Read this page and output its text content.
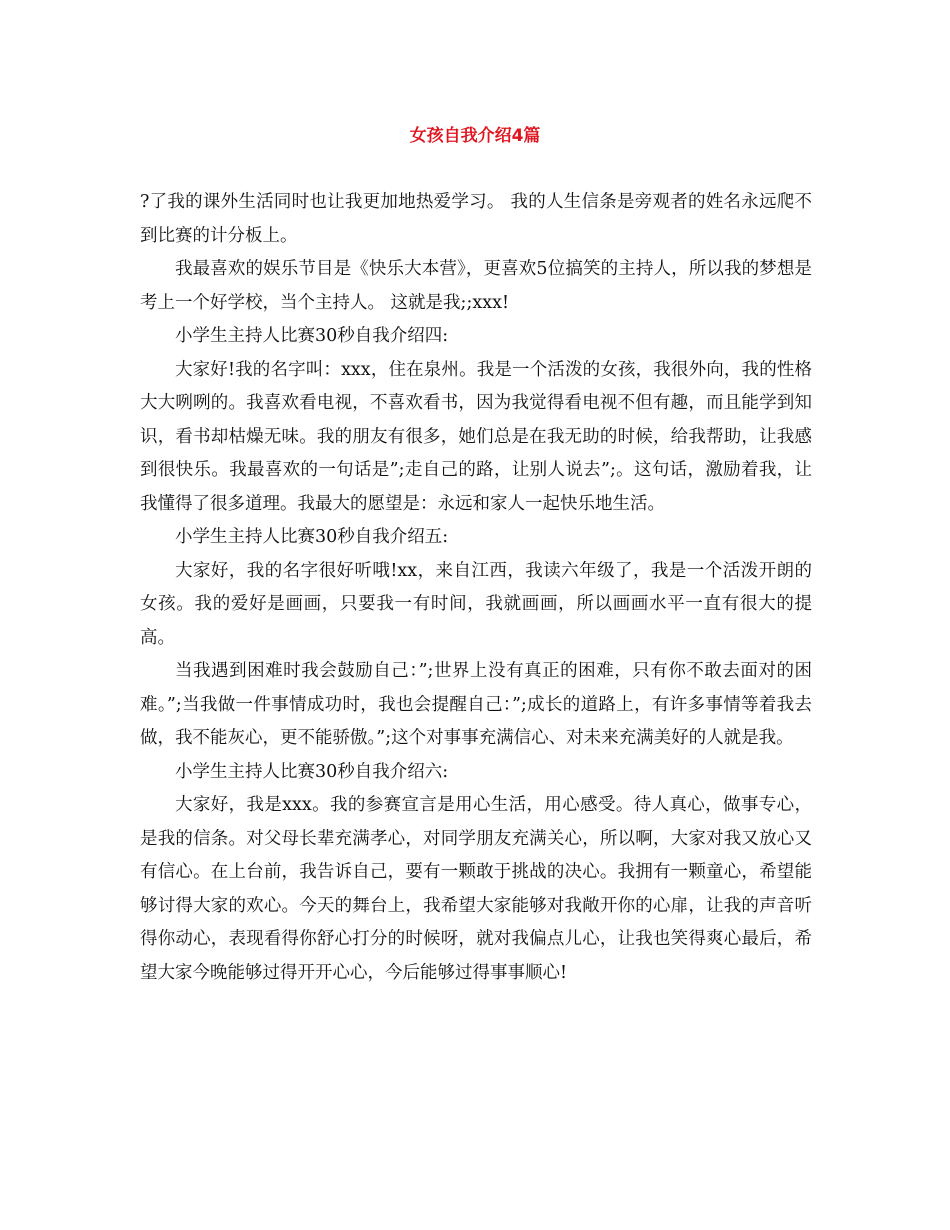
女孩自我介绍4篇

?了我的课外生活同时也让我更加地热爱学习。 我的人生信条是旁观者的姓名永远爬不到比赛的计分板上。

我最喜欢的娱乐节目是《快乐大本营》，更喜欢5位搞笑的主持人，所以我的梦想是考上一个好学校，当个主持人。 这就是我;;xxx!

小学生主持人比赛30秒自我介绍四:

大家好!我的名字叫：xxx，住在泉州。我是一个活泼的女孩，我很外向，我的性格大大咧咧的。我喜欢看电视，不喜欢看书，因为我觉得看电视不但有趣，而且能学到知识，看书却枯燥无味。我的朋友有很多，她们总是在我无助的时候，给我帮助，让我感到很快乐。我最喜欢的一句话是”;走自己的路，让别人说去”;。这句话，激励着我，让我懂得了很多道理。我最大的愿望是：永远和家人一起快乐地生活。

小学生主持人比赛30秒自我介绍五:

大家好，我的名字很好听哦!xx，来自江西，我读六年级了，我是一个活泼开朗的女孩。我的爱好是画画，只要我一有时间，我就画画，所以画画水平一直有很大的提高。

当我遇到困难时我会鼓励自己：”;世界上没有真正的困难，只有你不敢去面对的困难。”;当我做一件事情成功时，我也会提醒自己：”;成长的道路上，有许多事情等着我去做，我不能灰心，更不能骄傲。”;这个对事事充满信心、对未来充满美好的人就是我。

小学生主持人比赛30秒自我介绍六:

大家好，我是xxx。我的参赛宣言是用心生活，用心感受。待人真心，做事专心，是我的信条。对父母长辈充满孝心，对同学朋友充满关心，所以啊，大家对我又放心又有信心。在上台前，我告诉自己，要有一颗敢于挑战的决心。我拥有一颗童心，希望能够讨得大家的欢心。今天的舞台上，我希望大家能够对我敞开你的心扉，让我的声音听得你动心，表现看得你舒心打分的时候呀，就对我偏点儿心，让我也笑得爽心最后，希望大家今晚能够过得开开心心，今后能够过得事事顺心!
